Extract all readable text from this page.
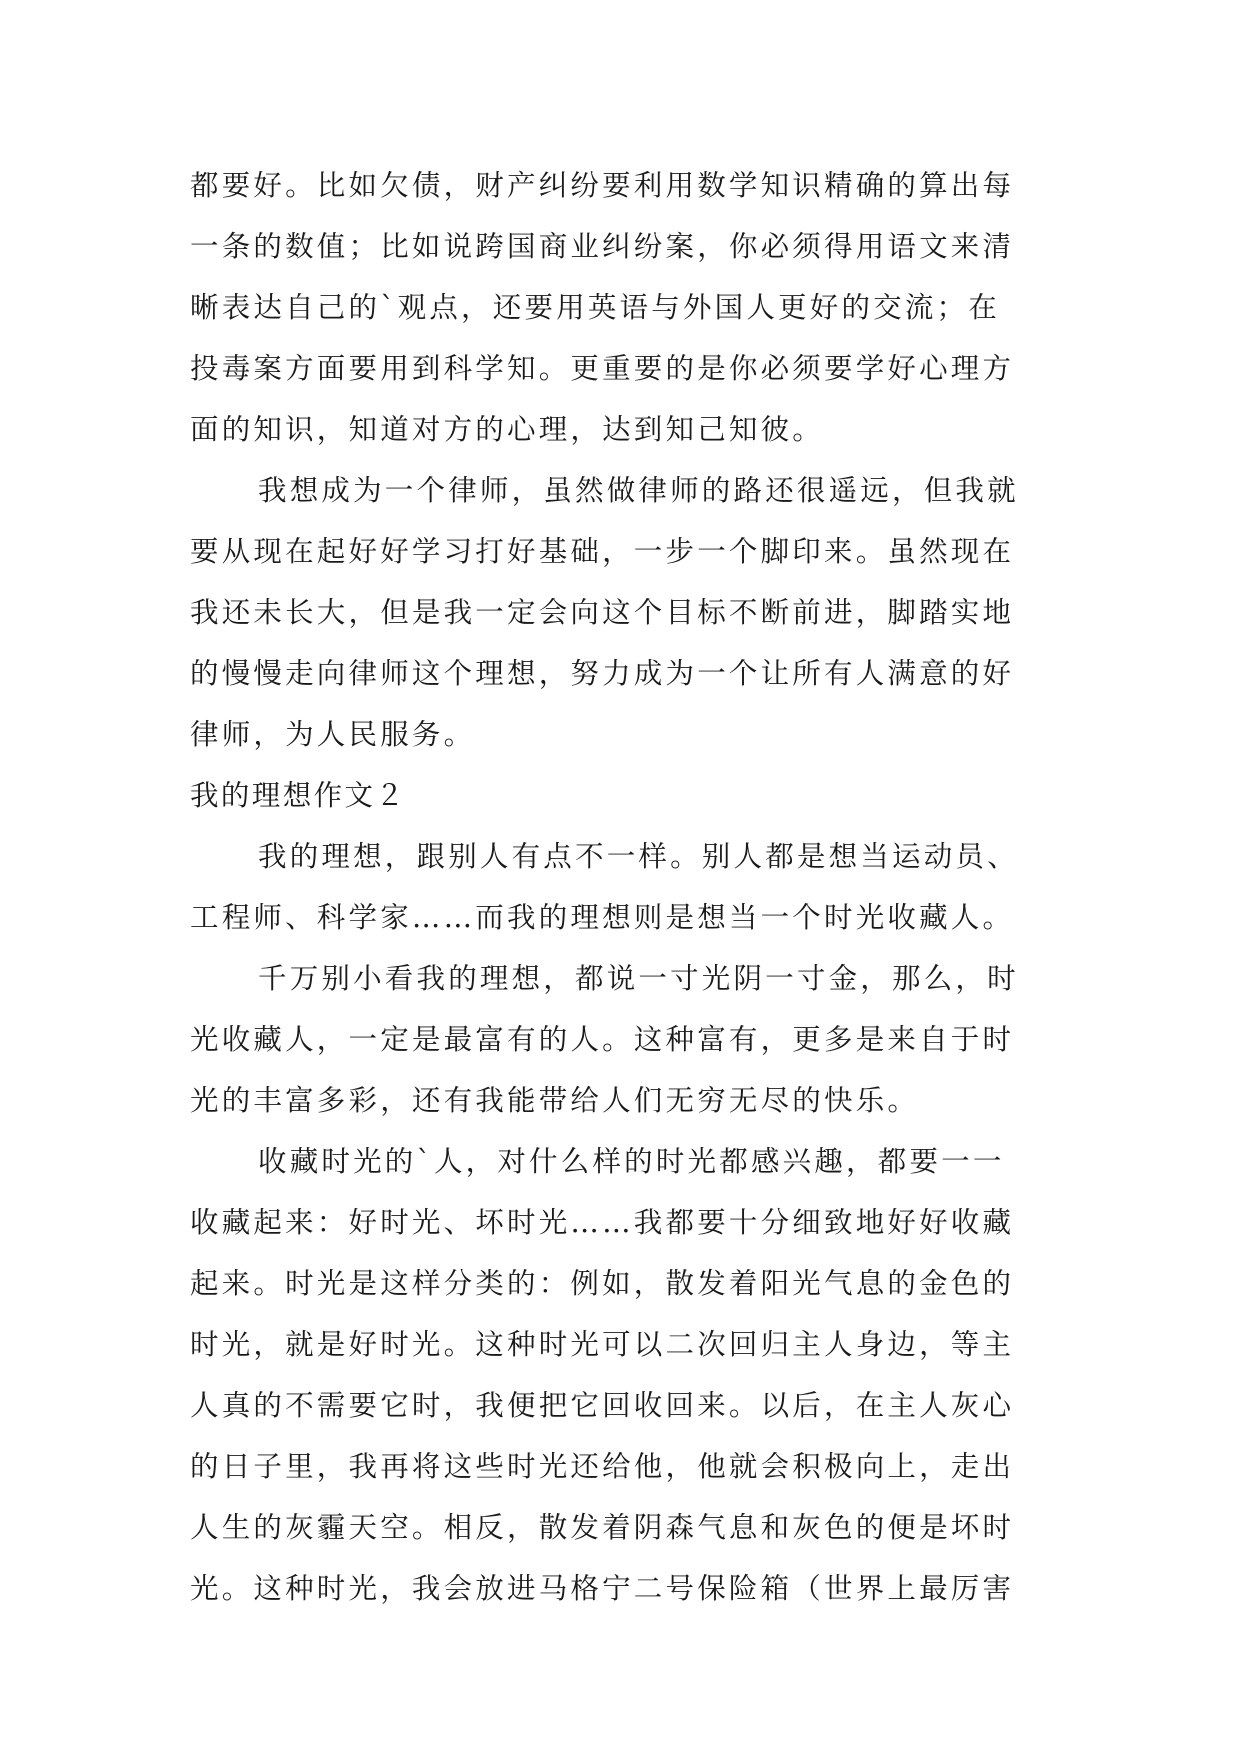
都要好。比如欠债，财产纠纷要利用数学知识精确的算出每
一条的数值；比如说跨国商业纠纷案，你必须得用语文来清
晰表达自己的`观点，还要用英语与外国人更好的交流；在
投毒案方面要用到科学知。更重要的是你必须要学好心理方
面的知识，知道对方的心理，达到知己知彼。
我想成为一个律师，虽然做律师的路还很遥远，但我就
要从现在起好好学习打好基础，一步一个脚印来。虽然现在
我还未长大，但是我一定会向这个目标不断前进，脚踏实地
的慢慢走向律师这个理想，努力成为一个让所有人满意的好
律师，为人民服务。
我的理想作文２
我的理想，跟别人有点不一样。别人都是想当运动员、
工程师、科学家……而我的理想则是想当一个时光收藏人。
千万别小看我的理想，都说一寸光阴一寸金，那么，时
光收藏人，一定是最富有的人。这种富有，更多是来自于时
光的丰富多彩，还有我能带给人们无穷无尽的快乐。
收藏时光的`人，对什么样的时光都感兴趣，都要一一
收藏起来：好时光、坏时光……我都要十分细致地好好收藏
起来。时光是这样分类的：例如，散发着阳光气息的金色的
时光，就是好时光。这种时光可以二次回归主人身边，等主
人真的不需要它时，我便把它回收回来。以后，在主人灰心
的日子里，我再将这些时光还给他，他就会积极向上，走出
人生的灰霾天空。相反，散发着阴森气息和灰色的便是坏时
光。这种时光，我会放进马格宁二号保险箱（世界上最厉害
